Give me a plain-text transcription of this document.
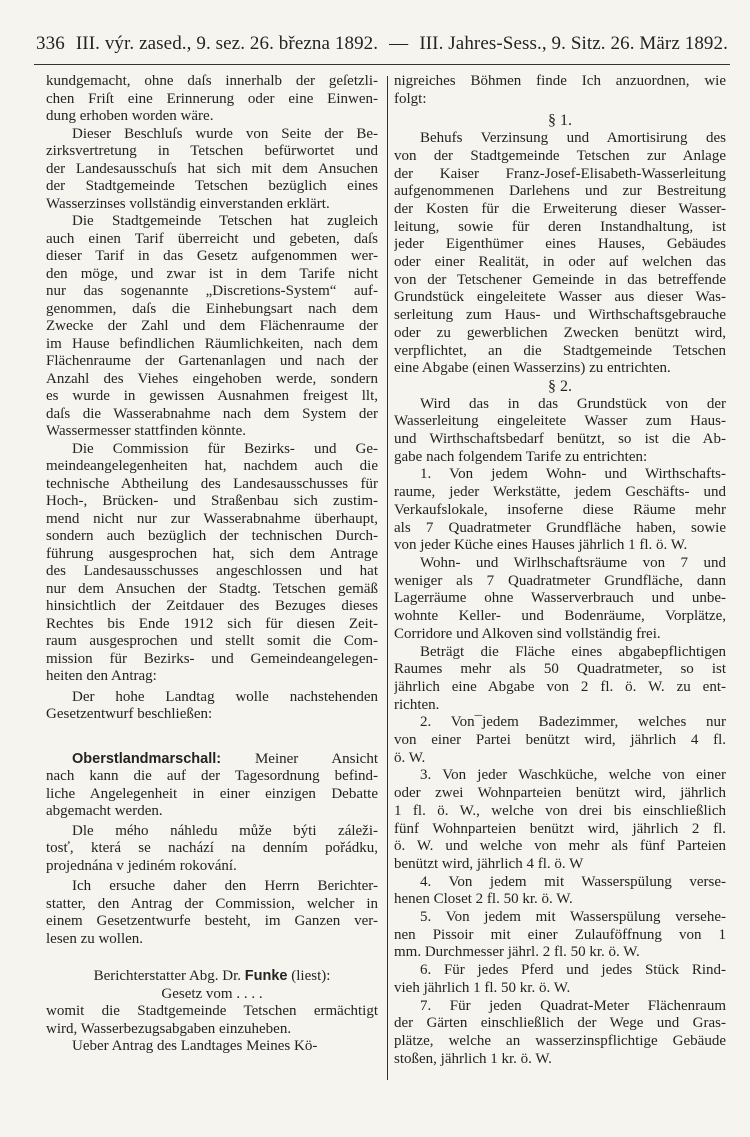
336 III. výr. zased., 9. sez. 26. března 1892. — III. Jahres-Sess., 9. Sitz. 26. März 1892.
kundgemacht, ohne daſs innerhalb der geſetzli-
chen Friſt eine Erinnerung oder eine Einwen-
dung erhoben worden wäre.
Dieser Beschluſs wurde von Seite der Be-
zirksvertretung in Tetschen befürwortet und
der Landesausschuſs hat sich mit dem Ansuchen
der Stadtgemeinde Tetschen bezüglich eines
Wasserzinses vollständig einverstanden erklärt.
Die Stadtgemeinde Tetschen hat zugleich
auch einen Tarif überreicht und gebeten, daſs
dieser Tarif in das Gesetz aufgenommen wer-
den möge, und zwar ist in dem Tarife nicht
nur das sogenannte „Discretions-System“ auf-
genommen, daſs die Einhebungsart nach dem
Zwecke der Zahl und dem Flächenraume der
im Hause befindlichen Räumlichkeiten, nach dem
Flächenraume der Gartenanlagen und nach der
Anzahl des Viehes eingehoben werde, sondern
es wurde in gewissen Ausnahmen freigest llt,
daſs die Wasserabnahme nach dem System der
Wassermesser stattfinden könnte.
Die Commission für Bezirks- und Ge-
meindeangelegenheiten hat, nachdem auch die
technische Abtheilung des Landesausschusses für
Hoch-, Brücken- und Straßenbau sich zustim-
mend nicht nur zur Wasserabnahme überhaupt,
sondern auch bezüglich der technischen Durch-
führung ausgesprochen hat, sich dem Antrage
des Landesausschusses angeschlossen und hat
nur dem Ansuchen der Stadtg. Tetschen gemäß
hinsichtlich der Zeitdauer des Bezuges dieses
Rechtes bis Ende 1912 sich für diesen Zeit-
raum ausgesprochen und stellt somit die Com-
mission für Bezirks- und Gemeindeangelegen-
heiten den Antrag:
Der hohe Landtag wolle nachstehenden
Gesetzentwurf beschließen:
Oberstlandmarschall: Meiner Ansicht
nach kann die auf der Tagesordnung befind-
liche Angelegenheit in einer einzigen Debatte
abgemacht werden.
Dle mého náhledu může býti záleži-
tosť, která se nachází na denním pořádku,
projednána v jediném rokování.
Ich ersuche daher den Herrn Berichter-
statter, den Antrag der Commission, welcher in
einem Gesetzentwurfe besteht, im Ganzen ver-
lesen zu wollen.
Berichterstatter Abg. Dr. Funke (liest):
Gesetz vom . . . .
womit die Stadtgemeinde Tetschen ermächtigt
wird, Wasserbezugsabgaben einzuheben.
Ueber Antrag des Landtages Meines Kö-
nigreiches Böhmen finde Ich anzuordnen, wie
folgt:
§ 1.
Behufs Verzinsung und Amortisirung des
von der Stadtgemeinde Tetschen zur Anlage
der Kaiser Franz-Josef-Elisabeth-Wasserleitung
aufgenommenen Darlehens und zur Bestreitung
der Kosten für die Erweiterung dieser Wasser-
leitung, sowie für deren Instandhaltung, ist
jeder Eigenthümer eines Hauses, Gebäudes
oder einer Realität, in oder auf welchen das
von der Tetschener Gemeinde in das betreffende
Grundstück eingeleitete Wasser aus dieser Was-
serleitung zum Haus- und Wirthschaftsgebrauche
oder zu gewerblichen Zwecken benützt wird,
verpflichtet, an die Stadtgemeinde Tetschen
eine Abgabe (einen Wasserzins) zu entrichten.
§ 2.
Wird das in das Grundstück von der
Wasserleitung eingeleitete Wasser zum Haus-
und Wirthschaftsbedarf benützt, so ist die Ab-
gabe nach folgendem Tarife zu entrichten:
1. Von jedem Wohn- und Wirthschafts-
raume, jeder Werkstätte, jedem Geschäfts- und
Verkaufslokale, insoferne diese Räume mehr
als 7 Quadratmeter Grundfläche haben, sowie
von jeder Küche eines Hauses jährlich 1 fl. ö. W.
Wohn- und Wirlhschaftsräume von 7 und
weniger als 7 Quadratmeter Grundfläche, dann
Lagerräume ohne Wasserverbrauch und unbe-
wohnte Keller- und Bodenräume, Vorplätze,
Corridore und Alkoven sind vollständig frei.
Beträgt die Fläche eines abgabepflichtigen
Raumes mehr als 50 Quadratmeter, so ist
jährlich eine Abgabe von 2 fl. ö. W. zu ent-
richten.
2. Von¯jedem Badezimmer, welches nur
von einer Partei benützt wird, jährlich 4 fl.
ö. W.
3. Von jeder Waschküche, welche von einer
oder zwei Wohnparteien benützt wird, jährlich
1 fl. ö. W., welche von drei bis einschließlich
fünf Wohnparteien benützt wird, jährlich 2 fl.
ö. W. und welche von mehr als fünf Parteien
benützt wird, jährlich 4 fl. ö. W
4. Von jedem mit Wasserspülung verse-
henen Closet 2 fl. 50 kr. ö. W.
5. Von jedem mit Wasserspülung versehe-
nen Pissoir mit einer Zulauföffnung von 1
mm. Durchmesser jährl. 2 fl. 50 kr. ö. W.
6. Für jedes Pferd und jedes Stück Rind-
vieh jährlich 1 fl. 50 kr. ö. W.
7. Für jeden Quadrat-Meter Flächenraum
der Gärten einschließlich der Wege und Gras-
plätze, welche an wasserzinspflichtige Gebäude
stoßen, jährlich 1 kr. ö. W.
